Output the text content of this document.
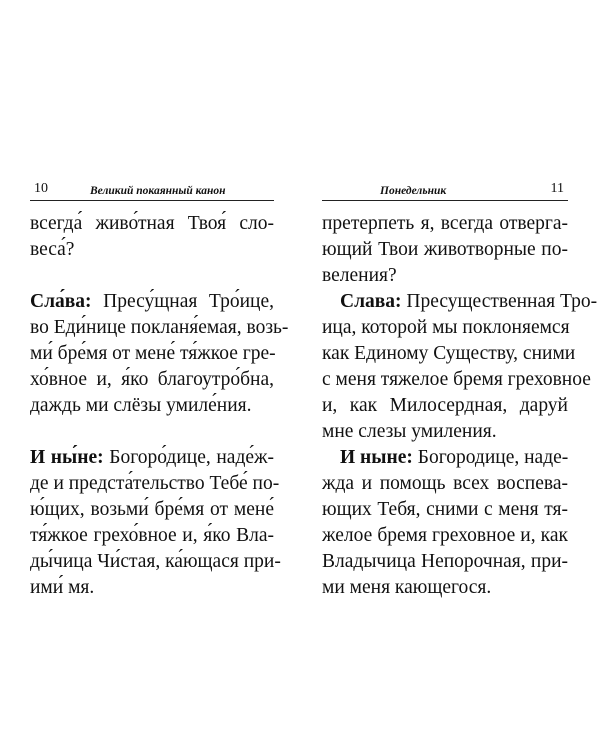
10	Великий покаянный канон

всегда́ живо́тная Твоя́ сло-
веса́?

Сла́ва: Пресу́щная Тро́ице,
во Еди́нице покланя́емая, возь-
ми́ бре́мя от мене́ тя́жкое гре-
хо́вное и, я́ко благоутро́бна,
даждь ми слёзы умиле́ния.

И ны́не: Богоро́дице, наде́ж-
де и предста́тельство Тебе́ по-
ю́щих, возьми́ бре́мя от мене́
тя́жкое грехо́вное и, я́ко Вла-
ды́чица Чи́стая, ка́ющася при-
ими́ мя.

Понедельник	11

претерпеть я, всегда отверга-
ющий Твои животворные по-
веления?

Слава: Пресущественная Тро-
ица, которой мы поклоняемся
как Единому Существу, сними
с меня тяжелое бремя греховное
и, как Милосердная, даруй
мне слезы умиления.

И ныне: Богородице, наде-
жда и помощь всех воспева-
ющих Тебя, сними с меня тя-
желое бремя греховное и, как
Владычица Непорочная, при-
ми меня кающегося.
